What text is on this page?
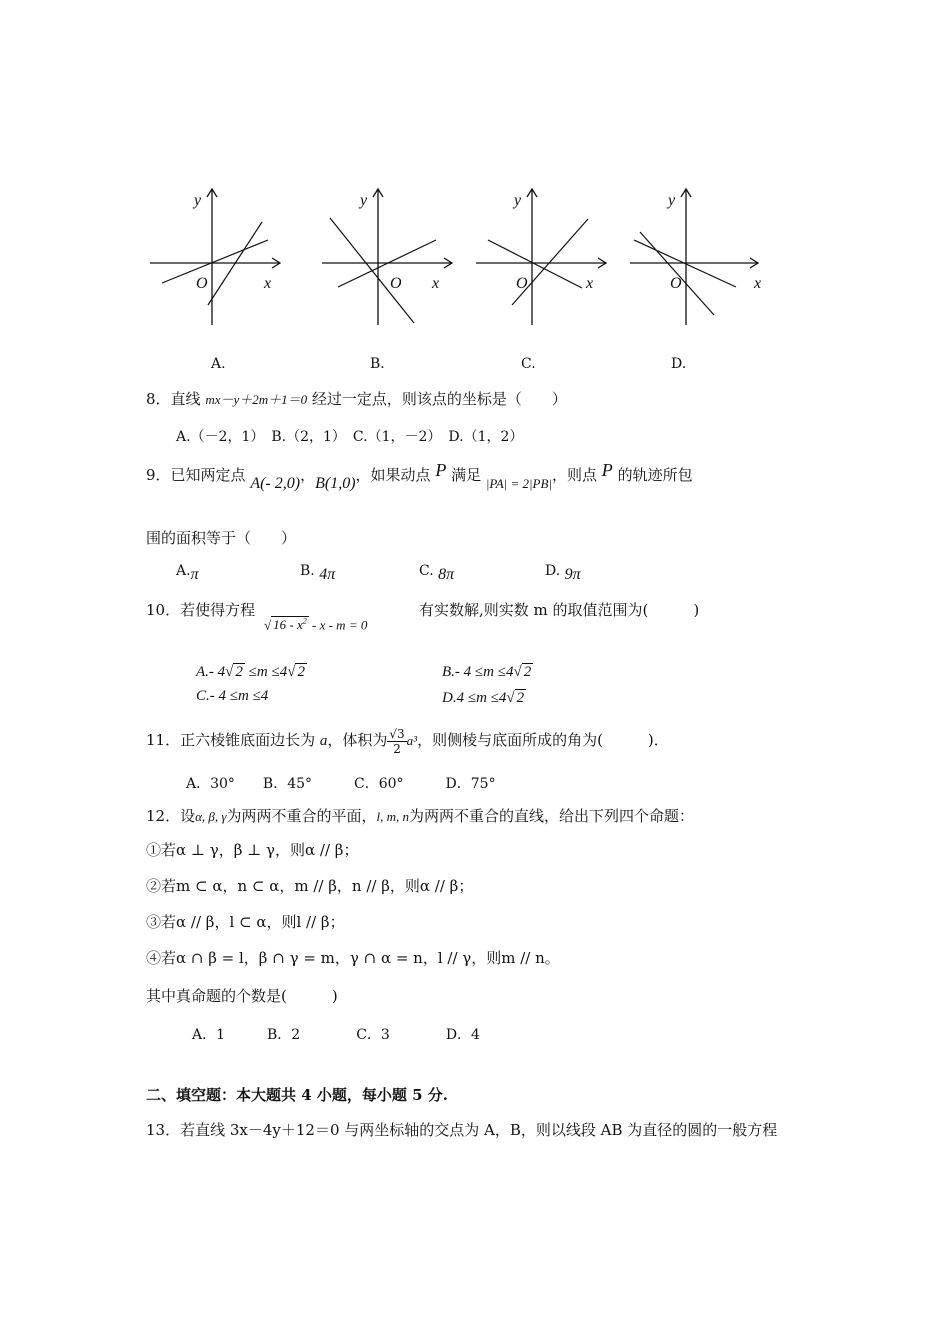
y
O	x
y
O x
y
O	x
y
O	x
A.	B.	C.	D.
8．直线 mx－y＋2m＋1＝0 经过一定点，则该点的坐标是（　　）
A.（－2，1）　B.（2，1）　C.（1，－2）　D.（1，2）
9．已知两定点 A(- 2,0)，B(1,0)，如果动点 P 满足 |PA| = 2|PB|，则点 P 的轨迹所包
围的面积等于（　　）
A.π	B. 4π	C. 8π	D. 9π
10．若使得方程
√ $16 - x^2 - x - m = 0$
有实数解,则实数 m 的取值范围为(　　　)
A.- 4√ 2 ≤m ≤4√ 2	B.- 4 ≤m ≤4√ 2
C.- 4 ≤m ≤4	D.4 ≤m ≤4√ 2
11．正六棱锥底面边长为 a，体积为 $\frac{√3}{2} a^3$，则侧棱与底面所成的角为(　　　)．
A．30°　　B．45°　　　C．60°　　　D．75°
12．设α, β, γ为两两不重合的平面，l, m, n为两两不重合的直线，给出下列四个命题：
①若α ⊥ γ，β ⊥ γ，则α // β；
②若m ⊂ α，n ⊂ α，m // β，n // β，则α // β；
③若α // β，l ⊂ α，则l // β；
④若α ∩ β = l，β ∩ γ = m，γ ∩ α = n，l // γ，则m // n。
其中真命题的个数是(　　　)
A．1　　　B．2　　　　C．3　　　　D．4
二、填空题：本大题共 4 小题，每小题 5 分.
13．若直线 3x－4y＋12＝0 与两坐标轴的交点为 A，B，则以线段 AB 为直径的圆的一般方程
